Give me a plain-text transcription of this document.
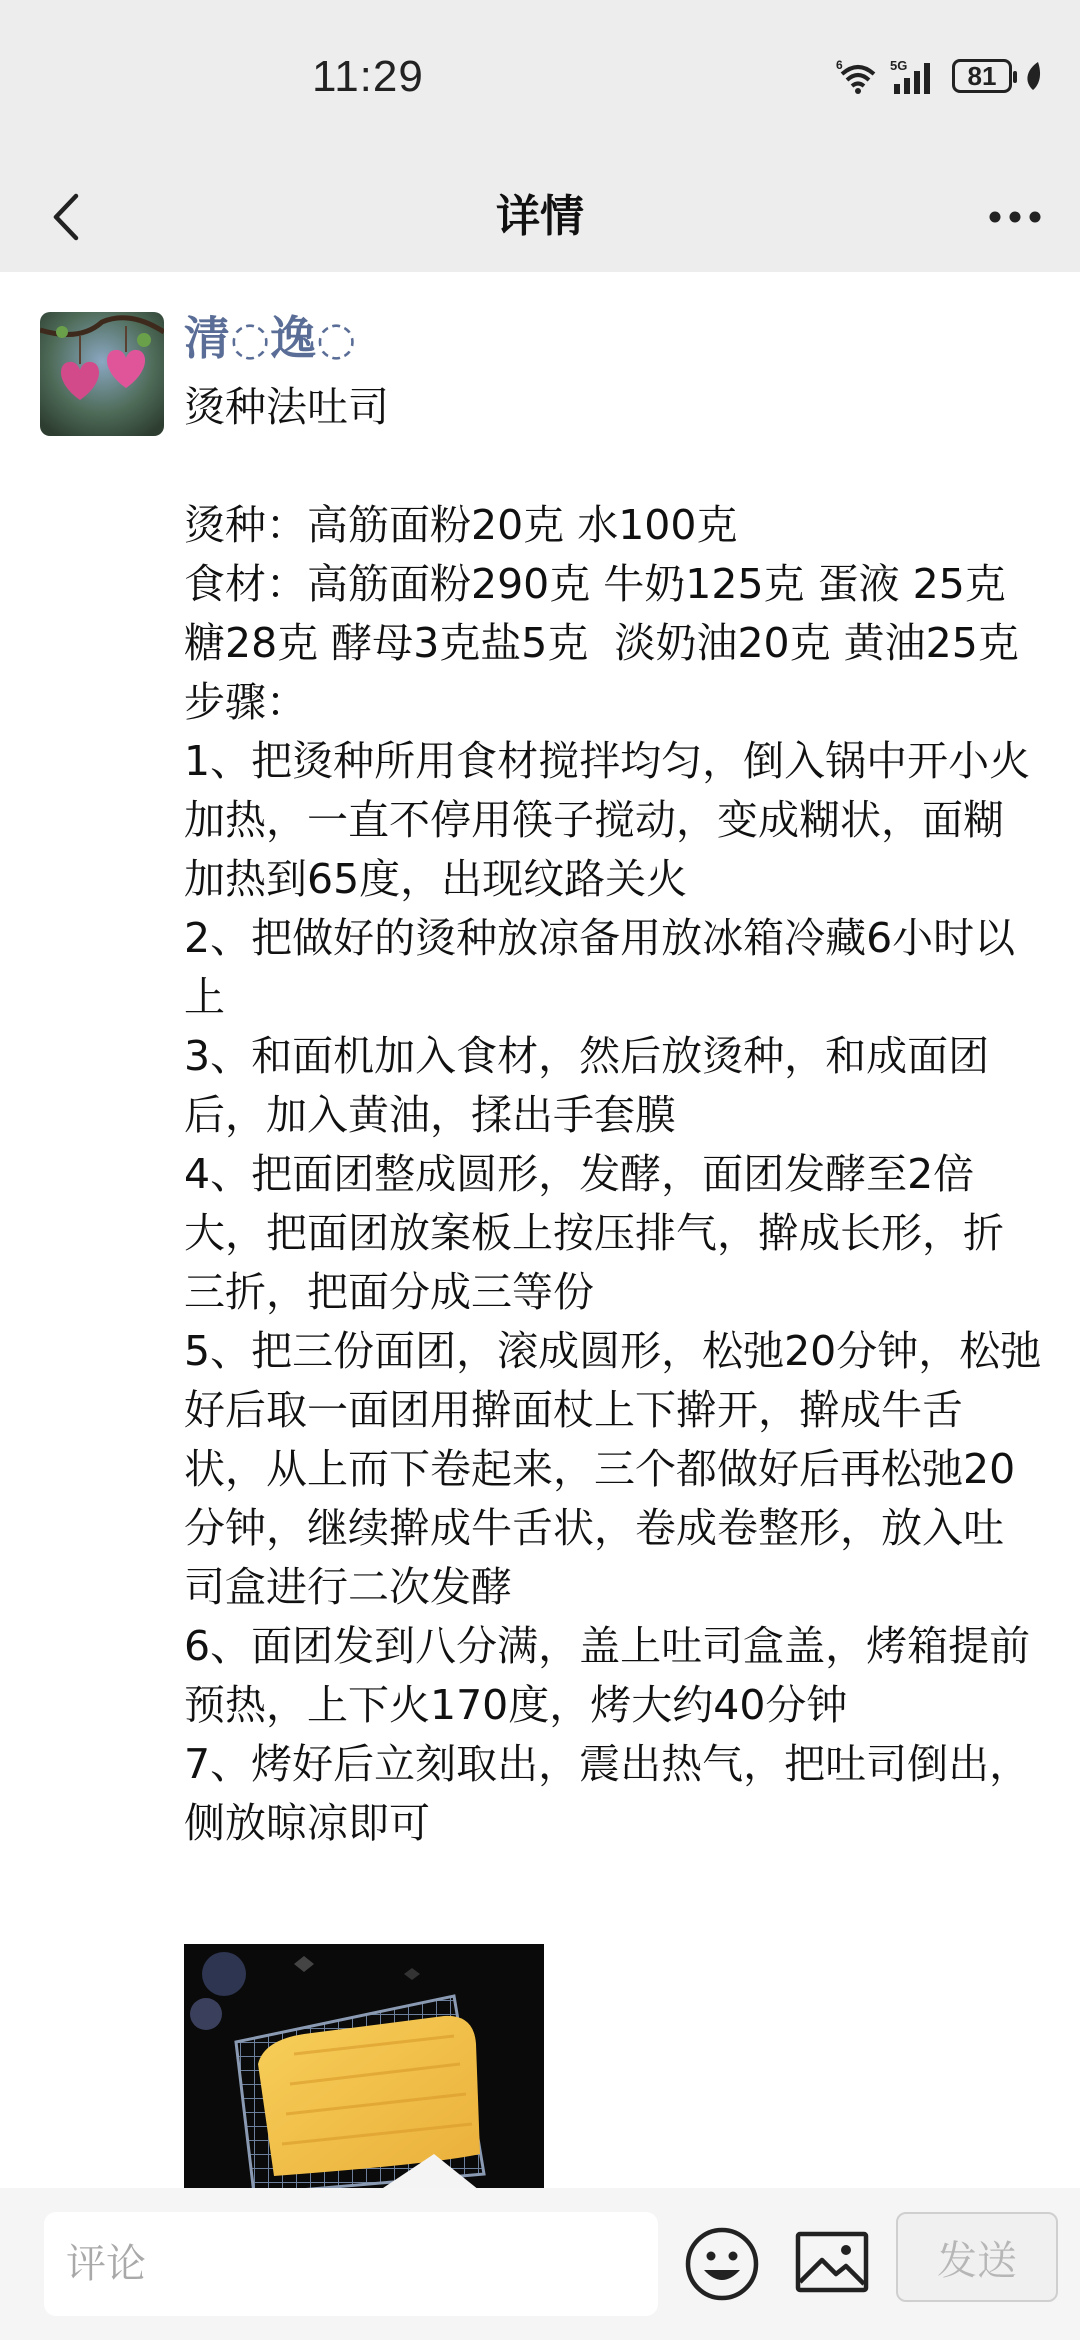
11:29	6	5G 81
详情
清◌逸◌

烫种法吐司

烫种：高筋面粉20克 水100克
食材：高筋面粉290克 牛奶125克 蛋液 25克 糖28克 酵母3克盐5克  淡奶油20克 黄油25克
步骤：
1、把烫种所用食材搅拌均匀，倒入锅中开小火加热，一直不停用筷子搅动，变成糊状，面糊加热到65度，出现纹路关火
2、把做好的烫种放凉备用放冰箱冷藏6小时以上
3、和面机加入食材，然后放烫种，和成面团后，加入黄油，揉出手套膜
4、把面团整成圆形，发酵，面团发酵至2倍大，把面团放案板上按压排气，擀成长形，折三折，把面分成三等份
5、把三份面团，滚成圆形，松弛20分钟，松弛好后取一面团用擀面杖上下擀开，擀成牛舌状，从上而下卷起来，三个都做好后再松弛20分钟，继续擀成牛舌状，卷成卷整形，放入吐司盒进行二次发酵
6、面团发到八分满，盖上吐司盒盖，烤箱提前预热，上下火170度，烤大约40分钟
7、烤好后立刻取出，震出热气，把吐司倒出，侧放晾凉即可

评论
发送
